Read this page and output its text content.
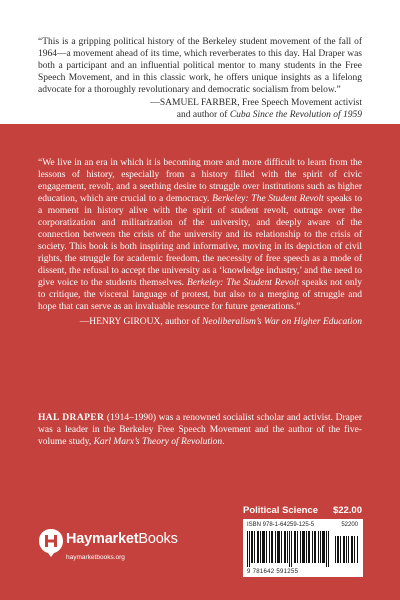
“This is a gripping political history of the Berkeley student movement of the fall of 1964—a movement ahead of its time, which reverberates to this day. Hal Draper was both a participant and an influential political mentor to many students in the Free Speech Movement, and in this classic work, he offers unique insights as a lifelong advocate for a thoroughly revolutionary and democratic socialism from below.”

—SAMUEL FARBER, Free Speech Movement activist

and author of Cuba Since the Revolution of 1959

“We live in an era in which it is becoming more and more difficult to learn from the lessons of history, especially from a history filled with the spirit of civic engagement, revolt, and a seething desire to struggle over institutions such as higher education, which are crucial to a democracy. Berkeley: The Student Revolt speaks to a moment in history alive with the spirit of student revolt, outrage over the corporatization and militarization of the university, and deeply aware of the connection between the crisis of the university and its relationship to the crisis of society. This book is both inspiring and informative, moving in its depiction of civil rights, the struggle for academic freedom, the necessity of free speech as a mode of dissent, the refusal to accept the university as a ‘knowledge industry,’ and the need to give voice to the students themselves. Berkeley: The Student Revolt speaks not only to critique, the visceral language of protest, but also to a merging of struggle and hope that can serve as an invaluable resource for future generations.”

—HENRY GIROUX, author of Neoliberalism’s War on Higher Education

HAL DRAPER (1914–1990) was a renowned socialist scholar and activist. Draper was a leader in the Berkeley Free Speech Movement and the author of the five-volume study, Karl Marx’s Theory of Revolution.

Political Science $22.00
ISBN 978-1-64259-125-5	52200
9 781642 591255
HaymarketBooks
haymarketbooks.org
